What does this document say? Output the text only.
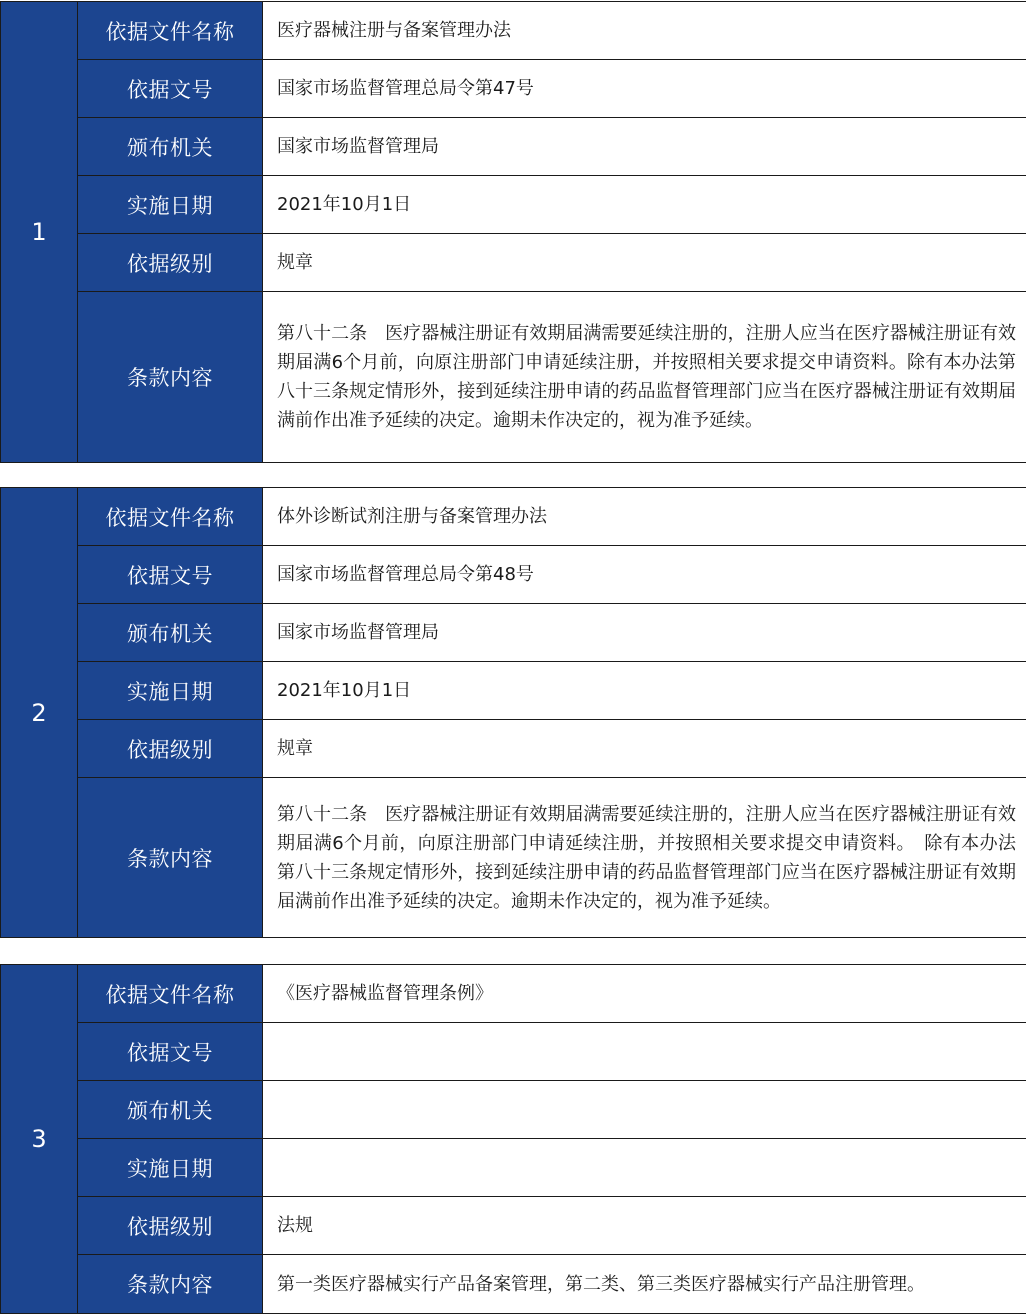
1	依据文件名称	医疗器械注册与备案管理办法
	依据文号	国家市场监督管理总局令第47号
	颁布机关	国家市场监督管理局
	实施日期	2021年10月1日
	依据级别	规章
	条款内容	第八十二条　医疗器械注册证有效期届满需要延续注册的，注册人应当在医疗器械注册证有效期届满6个月前，向原注册部门申请延续注册，并按照相关要求提交申请资料。除有本办法第八十三条规定情形外，接到延续注册申请的药品监督管理部门应当在医疗器械注册证有效期届满前作出准予延续的决定。逾期未作决定的，视为准予延续。
2	依据文件名称	体外诊断试剂注册与备案管理办法
	依据文号	国家市场监督管理总局令第48号
	颁布机关	国家市场监督管理局
	实施日期	2021年10月1日
	依据级别	规章
	条款内容	第八十二条　医疗器械注册证有效期届满需要延续注册的，注册人应当在医疗器械注册证有效期届满6个月前，向原注册部门申请延续注册，并按照相关要求提交申请资料。　除有本办法第八十三条规定情形外，接到延续注册申请的药品监督管理部门应当在医疗器械注册证有效期届满前作出准予延续的决定。逾期未作决定的，视为准予延续。
3	依据文件名称	《医疗器械监督管理条例》
	依据文号	
	颁布机关	
	实施日期	
	依据级别	法规
	条款内容	第一类医疗器械实行产品备案管理，第二类、第三类医疗器械实行产品注册管理。
